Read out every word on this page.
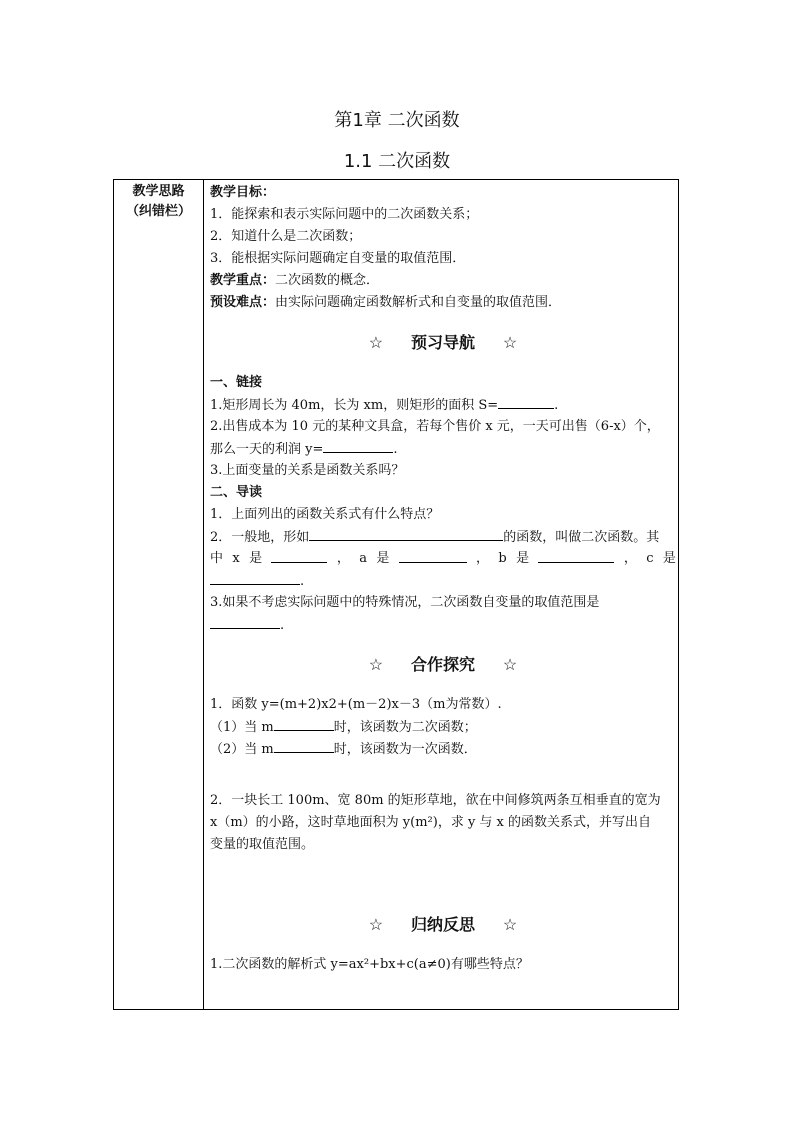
第1章 二次函数
1.1 二次函数
教学思路
（纠错栏）
教学目标：
1．能探索和表示实际问题中的二次函数关系；
2．知道什么是二次函数；
3．能根据实际问题确定自变量的取值范围．
教学重点：二次函数的概念．
预设难点：由实际问题确定函数解析式和自变量的取值范围．
☆ 预习导航 ☆
一、链接
1.矩形周长为 40m，长为 xm，则矩形的面积 S=	.
2.出售成本为 10 元的某种文具盒，若每个售价 x 元，一天可出售（6-x）个，
那么一天的利润 y=	.
3.上面变量的关系是函数关系吗？
二、导读
1．上面列出的函数关系式有什么特点？
2．一般地，形如	的函数，叫做二次函数。其
中 x 是	， a 是	， b 是	， c 是
.
3.如果不考虑实际问题中的特殊情况，二次函数自变量的取值范围是
.
☆ 合作探究 ☆
1．函数 y=(m+2)x2+(m－2)x－3（m为常数）.
（1）当 m	时，该函数为二次函数；
（2）当 m	时，该函数为一次函数．
2．一块长工 100m、宽 80m 的矩形草地，欲在中间修筑两条互相垂直的宽为
x（m）的小路，这时草地面积为 y(m²)，求 y 与 x 的函数关系式，并写出自
变量的取值范围。
☆ 归纳反思 ☆
1.二次函数的解析式 y=ax²+bx+c(a≠0)有哪些特点？
